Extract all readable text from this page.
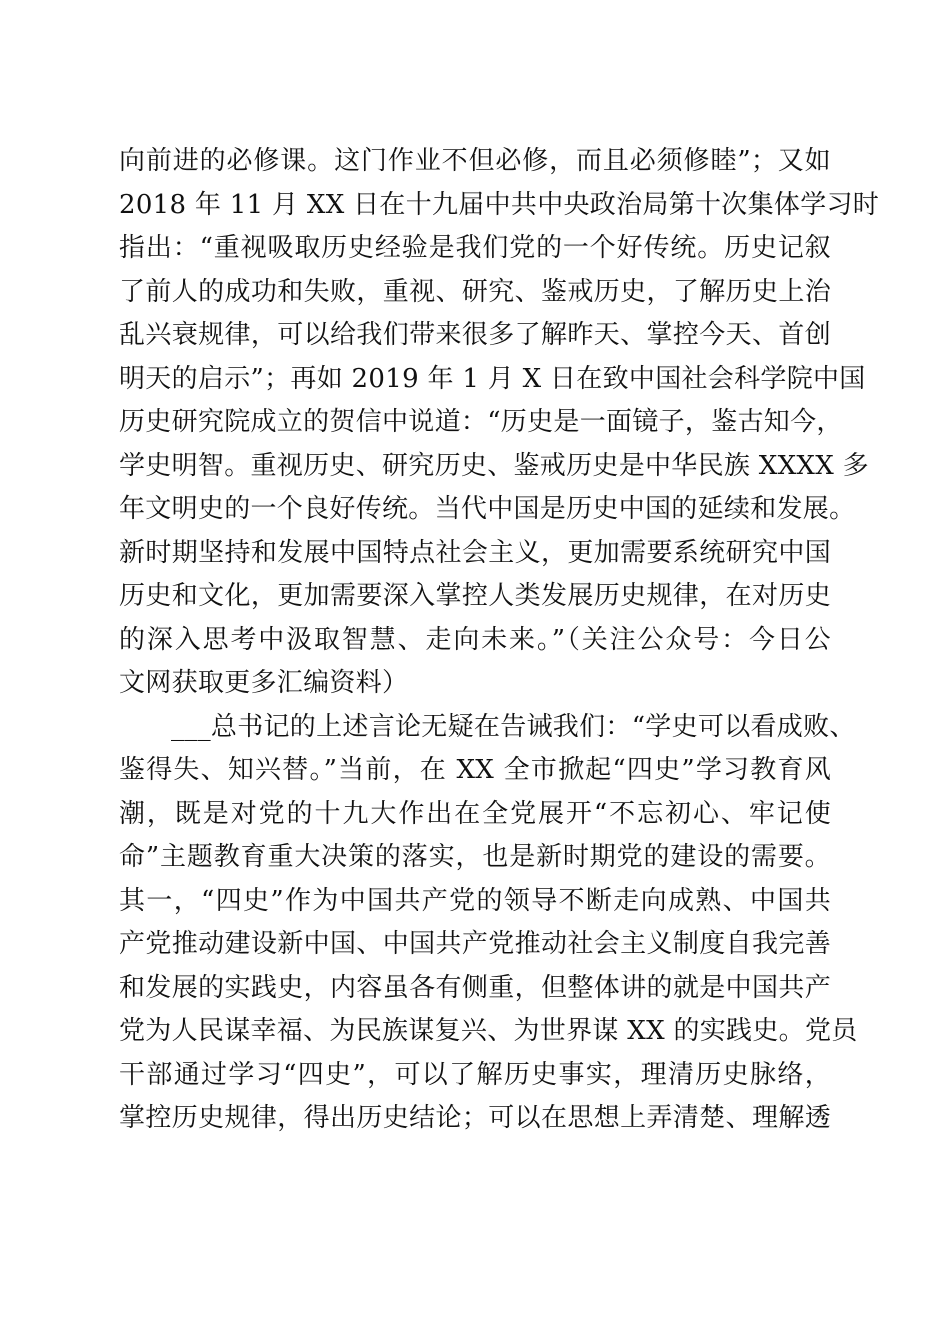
向前进的必修课。这门作业不但必修，而且必须修睦”；又如
2018 年 11 月 XX 日在十九届中共中央政治局第十次集体学习时
指出：“重视吸取历史经验是我们党的一个好传统。历史记叙
了前人的成功和失败，重视、研究、鉴戒历史，了解历史上治
乱兴衰规律，可以给我们带来很多了解昨天、掌控今天、首创
明天的启示”；再如 2019 年 1 月 X 日在致中国社会科学院中国
历史研究院成立的贺信中说道：“历史是一面镜子，鉴古知今，
学史明智。重视历史、研究历史、鉴戒历史是中华民族 XXXX 多
年文明史的一个良好传统。当代中国是历史中国的延续和发展。
新时期坚持和发展中国特点社会主义，更加需要系统研究中国
历史和文化，更加需要深入掌控人类发展历史规律，在对历史
的深入思考中汲取智慧、走向未来。”（关注公众号：今日公
文网获取更多汇编资料）
___总书记的上述言论无疑在告诫我们：“学史可以看成败、
鉴得失、知兴替。”当前，在 XX 全市掀起“四史”学习教育风
潮，既是对党的十九大作出在全党展开“不忘初心、牢记使
命”主题教育重大决策的落实，也是新时期党的建设的需要。
其一，“四史”作为中国共产党的领导不断走向成熟、中国共
产党推动建设新中国、中国共产党推动社会主义制度自我完善
和发展的实践史，内容虽各有侧重，但整体讲的就是中国共产
党为人民谋幸福、为民族谋复兴、为世界谋 XX 的实践史。党员
干部通过学习“四史”，可以了解历史事实，理清历史脉络，
掌控历史规律，得出历史结论；可以在思想上弄清楚、理解透
